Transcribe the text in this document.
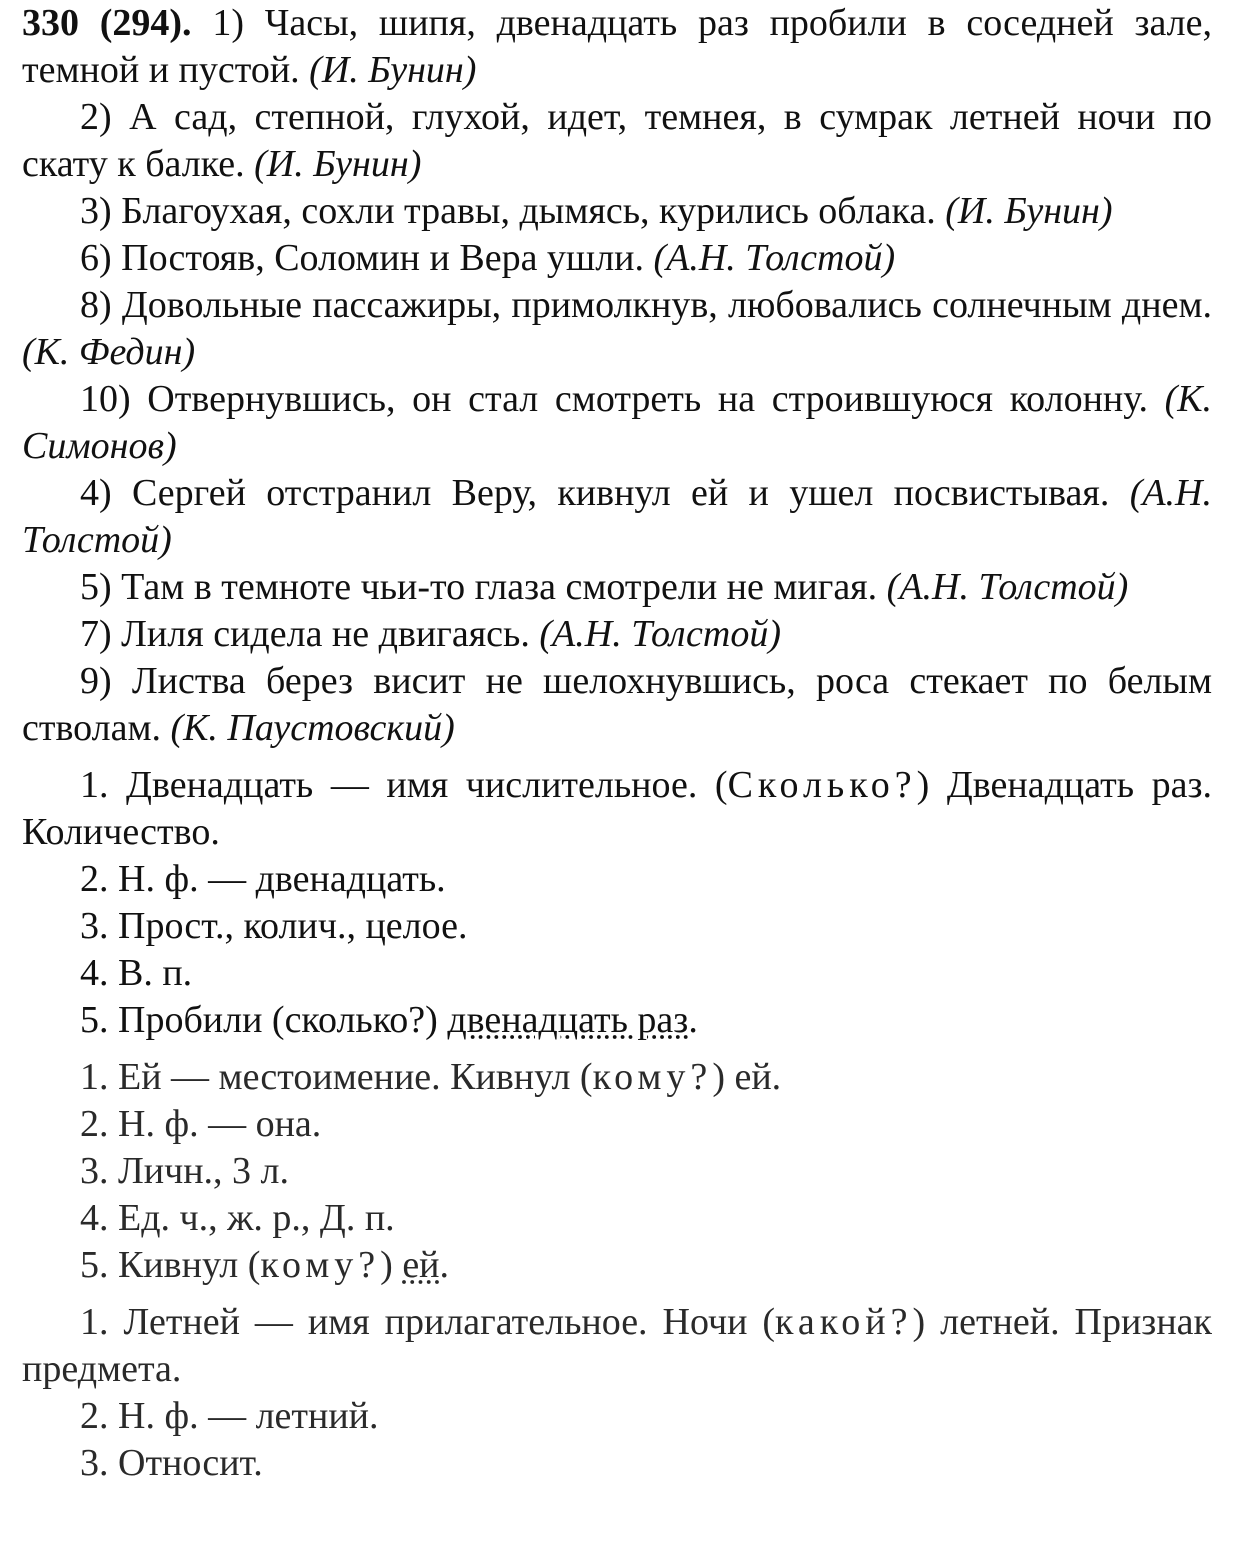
330 (294). 1) Часы, шипя, двенадцать раз пробили в соседней зале, темной и пустой. (И. Бунин)

2) А сад, степной, глухой, идет, темнея, в сумрак летней ночи по скату к балке. (И. Бунин)

3) Благоухая, сохли травы, дымясь, курились облака. (И. Бунин)

6) Постояв, Соломин и Вера ушли. (А.Н. Толстой)

8) Довольные пассажиры, примолкнув, любовались солнечным днем. (К. Федин)

10) Отвернувшись, он стал смотреть на строившуюся колонну. (К. Симонов)

4) Сергей отстранил Веру, кивнул ей и ушел посвистывая. (А.Н. Толстой)

5) Там в темноте чьи-то глаза смотрели не мигая. (А.Н. Толстой)

7) Лиля сидела не двигаясь. (А.Н. Толстой)

9) Листва берез висит не шелохнувшись, роса стекает по белым стволам. (К. Паустовский)

1. Двенадцать — имя числительное. (Сколько?) Двенадцать раз. Количество.

2. Н. ф. — двенадцать.

3. Прост., колич., целое.

4. В. п.

5. Пробили (сколько?) двенадцать раз.

1. Ей — местоимение. Кивнул (кому?) ей.

2. Н. ф. — она.

3. Личн., 3 л.

4. Ед. ч., ж. р., Д. п.

5. Кивнул (кому?) ей.

1. Летней — имя прилагательное. Ночи (какой?) летней. Признак предмета.

2. Н. ф. — летний.

3. Относит.
